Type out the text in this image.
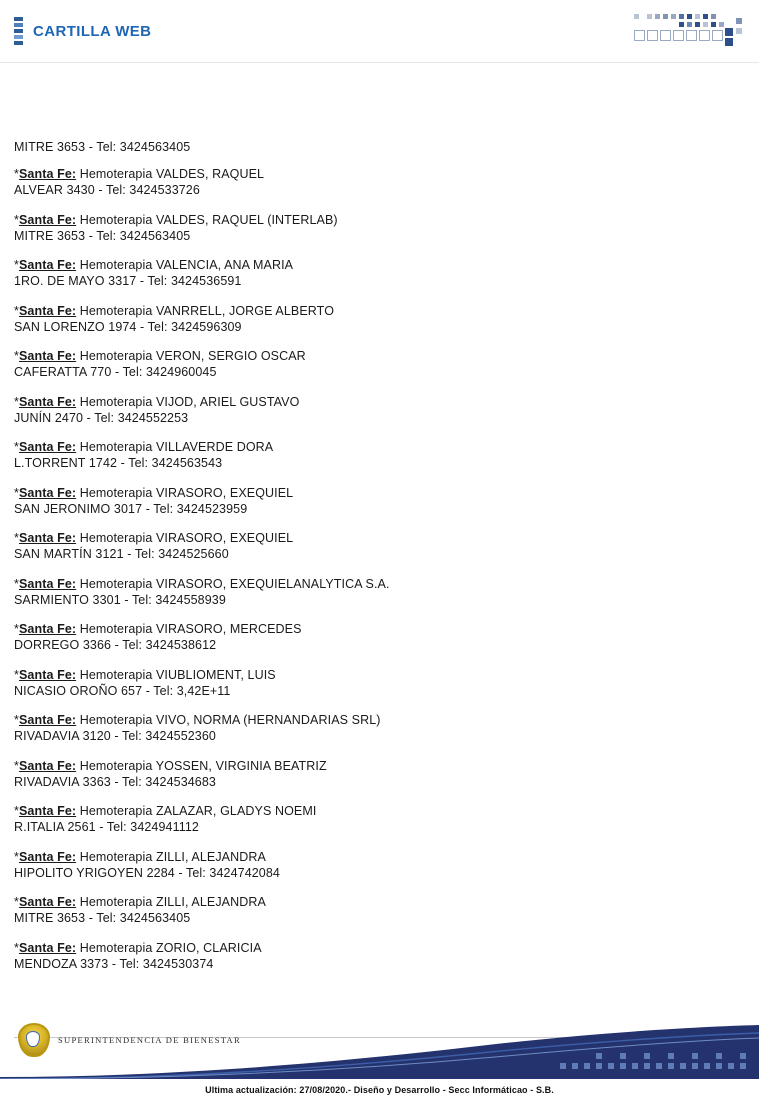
CARTILLA WEB

MITRE 3653 - Tel: 3424563405

*Santa Fe: Hemoterapia VALDES, RAQUEL
ALVEAR 3430 - Tel: 3424533726
*Santa Fe: Hemoterapia VALDES, RAQUEL (INTERLAB)
MITRE 3653 - Tel: 3424563405
*Santa Fe: Hemoterapia VALENCIA, ANA MARIA
1RO. DE MAYO 3317 - Tel: 3424536591
*Santa Fe: Hemoterapia VANRRELL, JORGE ALBERTO
SAN LORENZO 1974 - Tel: 3424596309
*Santa Fe: Hemoterapia VERON, SERGIO OSCAR
CAFERATTA 770 - Tel: 3424960045
*Santa Fe: Hemoterapia VIJOD, ARIEL GUSTAVO
JUNÍN 2470 - Tel: 3424552253
*Santa Fe: Hemoterapia VILLAVERDE DORA
L.TORRENT 1742 - Tel: 3424563543
*Santa Fe: Hemoterapia VIRASORO, EXEQUIEL
SAN JERONIMO 3017 - Tel: 3424523959
*Santa Fe: Hemoterapia VIRASORO, EXEQUIEL
SAN MARTÍN 3121 - Tel: 3424525660
*Santa Fe: Hemoterapia VIRASORO, EXEQUIELANALYTICA S.A.
SARMIENTO 3301 - Tel: 3424558939
*Santa Fe: Hemoterapia VIRASORO, MERCEDES
DORREGO 3366 - Tel: 3424538612
*Santa Fe: Hemoterapia VIUBLIOMENT, LUIS
NICASIO OROÑO 657 - Tel: 3,42E+11
*Santa Fe: Hemoterapia VIVO, NORMA (HERNANDARIAS SRL)
RIVADAVIA 3120 - Tel: 3424552360
*Santa Fe: Hemoterapia YOSSEN, VIRGINIA BEATRIZ
RIVADAVIA 3363 - Tel: 3424534683
*Santa Fe: Hemoterapia ZALAZAR, GLADYS NOEMI
R.ITALIA 2561 - Tel: 3424941112
*Santa Fe: Hemoterapia ZILLI, ALEJANDRA
HIPOLITO YRIGOYEN 2284 - Tel: 3424742084
*Santa Fe: Hemoterapia ZILLI, ALEJANDRA
MITRE 3653 - Tel: 3424563405
*Santa Fe: Hemoterapia ZORIO, CLARICIA
MENDOZA 3373 - Tel: 3424530374
SUPERINTENDENCIA DE BIENESTAR
Ultima actualización: 27/08/2020.- Diseño y Desarrollo - Secc Informáticao - S.B.
